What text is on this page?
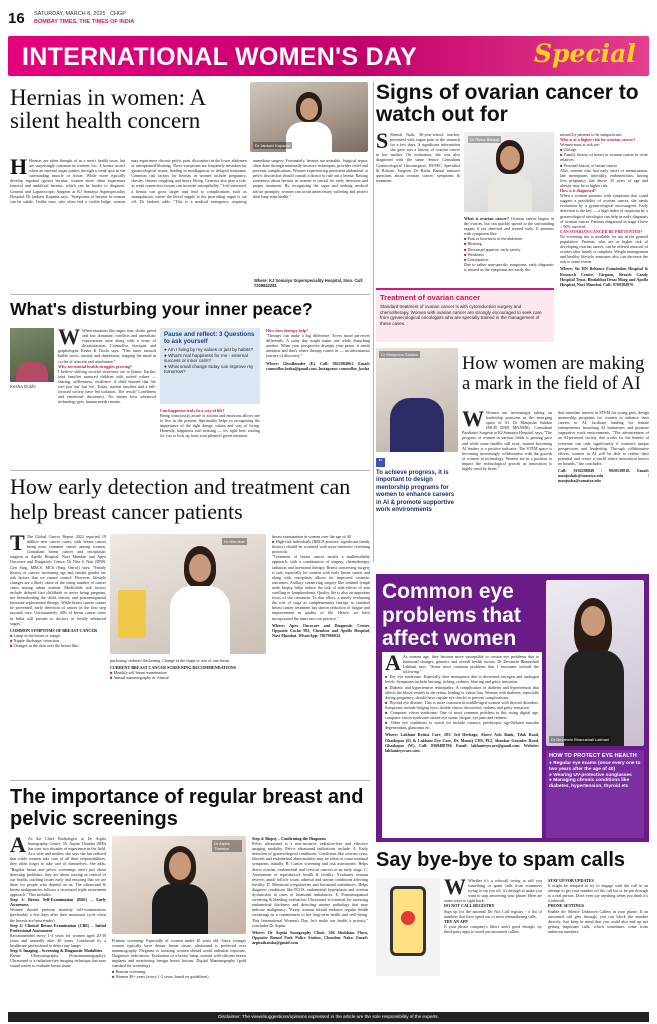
16 SATURDAY, MARCH 8, 2025 CHGP
BOMBAY TIMES, THE TIMES OF INDIA
INTERNATIONAL WOMEN'S DAY	Special
Hernias in women: A silent health concern
Dr Jankavi Kapadia
H Hernias are often thought of as a men's health issue, but are surprisingly common in women, too. A hernia occurs when an internal organ pushes through a weak spot in the surrounding muscle or tissue. While more typically develop inguinal (groin) hernias, women more often experience femoral and umbilical hernias, which can be harder to diagnose. General and Laparoscopic Surgeon at KJ Somaiya Superspeciality Hospital, Dr Janhavi Kapadia says, "Symptoms of hernias in women can be subtle. Unlike men, who often feel a visible bulge, women may experience chronic pelvic pain, discomfort in the lower abdomen or unexplained bloating. These symptoms are frequently mistaken for gynaecological issues, leading to misdiagnosis or delayed treatment. Common risk factors for hernias in women include pregnancy, obesity, chronic coughing and heavy lifting. Genetics also play a role, as weak connective tissues can increase susceptibility." Left untreated, a hernia can grow larger and lead to complications such as strangulation, where the blood supply to the protruding organ is cut off. Dr Janhavi adds, "This is a medical emergency requiring immediate surgery. Fortunately, hernias are treatable. Surgical repair, often done through minimally invasive techniques, provides relief and prevents complications. Women experiencing persistent abdominal or pelvic discomfort should consult a doctor to rule out a hernia. Raising awareness about hernias in women is crucial for early detection and proper treatment. By recognising the signs and seeking medical advice promptly, women can avoid unnecessary suffering and protect their long-term health."
Where: KJ Somaiya Superspeciality Hospital, Sion. Call: 7208842281
Signs of ovarian cancer to watch out for
S Sheetal Naik, 36-year-school teacher, presented with vague pain in the stomach for a few days. A significant information she gave was a history of ovarian cancer in her mother. On evaluation, she was also diagnosed with the same. Senior Consultant Gynaecological Oncosurgeon, HI-PEC Specialist & Robotic Surgeon Dr Richa Bansal answers questions about ovarian cancer, symptoms & treatment.
Dr Richa Bansal
What is ovarian cancer? Ovarian cancer begins in the ovaries, but can quickly spread to the surrounding organs if not detected and treated early. It presents with symptoms like:
■ Pain or heaviness in the abdomen
■ Bloating
■ Decreased appetite, early satiety
■ Weakness
■ Constipation
Due to rather non-specific symptoms, early diagnosis is missed as the symptoms are easily dis-
Treatment of ovarian cancer
Standard treatment of ovarian cancer is with cytoreduction surgery and chemotherapy. Women with ovarian cancer are strongly encouraged to seek care from gynaecological oncologists who are specially trained in the management of these cases.
missed by patients to be insignificant.
Who is at a higher risk for ovarian cancer?
Women most at risk are:
■ Old age
■ Family history of breast or ovarian cancer in close relatives
■ Personal history of breast cancer
Also, women who had early onset of menstruation, late menopause, infertility, endometriosis, having first pregnancy late above 35 years of age and obesity may be at higher risk.
How is it diagnosed?
When a woman presents with symptoms that could suggest a possibility of ovarian cancer, she needs evaluation by a gynaecological oncosurgeon. Early detection is the key — a high index of suspicion by a gynaecological oncologist can help in early diagnosis of ovarian cancer. Patients diagnosed in stage I have > 90% survival.
CAN OVARIAN CANCER BE PREVENTED?
No screening test is available for use in the general population. Patients, who are at higher risk of developing ovarian cancer, can be offered removal of ovaries after family is complete. Weight management and healthy lifestyle measures also can decrease the risk to some extent.
Where: Sir HN Reliance Foundation Hospital & Research Centre, Girgaon, Breach Candy Hospital Trust, Bhulabhai Desai Marg and Apollo Hospital, Navi Mumbai. Call: 9769384976
What's disturbing your inner peace?
Kesha Doshi
W When emotions like anger, fear, doubt, greed and low dominate, conflicts and unrealistic expectations arise along with a sense of dissatisfaction. Counsellor, therapist and graphologist Kesha K Doshi says, "This inner turmoil builds stress, anxiety and depression, trapping the mind in cycles of reaction and attachment."
Why are mental health struggles growing?
I believe shifting societal structures are to blame. Earlier, joint families nurtured children with rooted values — sharing, selflessness, resilience. A child learned that life isn't just 'me' but 'we'. Today, nuclear families and a self-focused society have led isolation. The result? Loneliness and emotional disconnect. No matter how advanced technology gets, human needs remain.
Pause and reflect: 3 Questions to ask yourself
● Am I living by my values or just by habits?
● What's real happiness for me - external success or inner calm?
● What small change today can improve my tomorrow?
Can happiness truly be a way of life?
Being consciously aware of actions and emotions allows one to live in the present. Spirituality helps in recognising the importance of the right things, values and way of living. Honestly, happiness isn't missing — it's right here waiting for you to look up from your phone/if given attention.
How does therapy help?
"Therapy can make a big difference. Every mind perceives differently. A rainy day might make one while disturbing another. When your perspective disrupts your peace, it needs attention and that's where therapy comes in — an adventurous journey of discovery."
Where: Ghodbunder (E). Call: 9821084061. Email: counsellor.kesha@gmail.com. Instagram: counsellor_kesha
How early detection and treatment can help breast cancer patients
T The Global Cancer Report 2022 reported 19 million new cancer cases, with breast cancer being most common cancer among women. Consultant breast cancer and oncoplastic surgeon at Apollo Hospital, Navi Mumbai and Apex Oncocare and Diagnostic Centre, Dr Nita S. Nair (DNB, Gen Surg, MRCS, MCh (Surg Onco)) says, "Family history of cancer, increasing age and female gender are risk factors that we cannot control. However, lifestyle changes are a likely cause of the rising number of cancer cases among urban women. Modifiable risk factors include delayed first childbirth or never being pregnant, not breastfeeding the child, obesity and postmenopausal hormone replacement therapy. While breast cancer cannot be prevented, early detection of cancer in the first step towards cure. Unfortunately, 40% of breast cancer cases in India still present to doctors in locally advanced stages."
COMMON SYMPTOMS OF BREAST CANCER
■ Lump in the breast or armpit
■ Nipple discharge/ retraction
■ Changes in the skin over the breast like,
Dr Nita Nair
puckering/ redness/ thickening. Change in the shape or size of one breast
CURRENT BREAST CANCER SCREENING RECOMMENDATIONS
■ Monthly self breast examination
■ Annual mammography or clinical
breast examination in women over the age of 40
■ High-risk individuals (BRCA positive, significant family history) should be screened with more intensive screening protocols
"Treatment of breast cancer entails a multimodality approach, with a combination of surgery, chemotherapy, radiation and hormonal therapy. Breast conserving surgery is safe, especially for women with early breast cancer and along with oncoplasty allows for improved cosmetic outcomes. Axillary conserving surgery like sentinel lymph node biopsy helps reduce the risk of side-effects of arm swelling or lymphoedema. Quality life is also an important focus of our treatment. To this effect, a timely evaluating the role of yoga as complementary therapy to standard breast cancer treatment has shown reduction of fatigue and improvement in quality of life. Hence, we have incorporated the same into our practice."
Where: Apex Oncocare and Diagnostic Center, Opposite Cocho 993, Chembur and Apollo Hospital, Navi Mumbai. WhatsApp: 7867966834
Dr Manjusha Salakar How women are making a mark in the field of AI
W Women are increasingly taking on leadership positions in the emerging space of AI. Dr Manjusha Salakar (MCH DNB MNAMS), Consultant Paediatric Surgeon at KJ Somaiya Hospital, says, "The progress of women in various fields is gaining pace and while some hurdles still exist, women becoming AI leaders is a positive indicator. The STEM space is becoming increasingly collaborative with the growth of women in technology. Women are in a position to impact the technological growth as innovation is highly rated by firms."
“
To achieve progress, it is important to design mentorship programs for women to enhance careers in AI & promote supportive work environments
that stimulate interest in STEM for young girls, design mentorship programs for women to enhance their careers in AI, facilitate funding for female entrepreneurs launching AI businesses and promote supportive work environments. "The advancement of an AI-powered society that works for the benefit of everyone can only significantly if women's unique perspectives and leadership. Through collaborative efforts, women in AI will be able to realise their potential and create a world where innovation knows no bounds," she concludes.
Call: 9102208849 / 9920538818. Email: manjushab@somaiya.edu / manjusha@somaiya.edu
Common eye problems that affect women
Dr Devanshi Bhanushali Lakhani
A As women age, they become more susceptible to certain eye problems due to hormonal changes, genetics and overall health factors. Dr Devanshi Bhanushali Lakhani says, "Some most common problems that I encounter include the following:"
■ Dry eye syndrome: Especially after menopause due to decreased estrogen and androgen levels. Symptoms include burning, itching, redness, blurring and gritty sensation.
■ Diabetic and hypertensive retinopathy: A complication of diabetes and hypertension that affects the blood vessels in the retina, leading to vision loss. Women with diabetes, especially during pregnancy, should have regular eye checks to prevent complications.
■ Thyroid eye disease: This is more common in middle-aged women with thyroid disorders. Symptoms include bulging eyes, double vision, discomfort, redness and gritty sensation.
■ Computer vision syndrome: One of most common problem in this rising digital age, computer vision syndrome causes eye strain, fatigue, eye pain and redness.
■ Other eye conditions to watch for include cataract, presbyopia, age-Related macular degeneration, glaucoma etc.
Where: Lakhani Retina Care, 201/ 3rd Heritage, Above Axis Bank, Tilak Road, Ghatkopar (E) & Lakhani Eye Care, Dr. Mansij CHS, Pl.2, Shankar Gurudev Road, Ghatkopar (W). Call: 8369488706. Email: lakhanieyecare@gmail.com. Website: lakhanieyecare.com
HOW TO PROTECT EYE HEALTH
● Regular eye exams (once every one to two years after the age of 40)
● Wearing UV-protective sunglasses
● Managing chronic conditions like diabetes, hypertension, thyroid etc
The importance of regular breast and pelvic screenings
A As the Chief Radiologist at Dr Arpita Sonography Centre, Dr Arpita Thamba (MD) has over two decades of experience in the field. As a wife and mother, she says she has realised that while women take care of all their responsibilities, they often forget to take care of themselves. She adds, "Regular breast and pelvic screenings aren't just about detecting problems, they are about staying in control of our health, catching issues early and ensuring that we are there for people who depend on us. The ultrasound & breast malignancies follows a structured triple assessment approach." This includes:
Step 1: Breast Self-Examination (BSE) – Early Awareness
Women should perform monthly self-examinations (preferably a few days after their menstrual cycle when the breasts are least tender)
Step 2: Clinical Breast Examination (CBE) – Initial Professional Assessment
Recommended every 1-3 years for women aged 20-39 years and annually after 40 years. Conducted by a healthcare professional to detect any lumps
Step 3: Imaging – Screening & Diagnostic Modalities
Breast Ultrasonography (Sonomammography): Ultrasound is a radiation-free imaging technique that uses sound waves to evaluate breast tissue
Dr Arpita Thamba
Primary screening: Especially of women under 40 years old. Since younger women typically have denser breast tissue, ultrasound is preferred over mammography. Pregnant or lactating women should avoid radiation exposure. Diagnostic indications: Evaluation of a breast lump, women with silicone breast implants and monitoring benign breast lesions. Digital Mammography (gold standard for screening)
■ Routine screening:
■ Women 40+ years (every 1-2 years, based on guidelines).
Step 4: Biopsy – Confirming the Diagnosis
Pelvic ultrasound is a non-invasive, radiation-free and effective imaging modality. Pelvic ultrasound indications include: A. Early detection of gynaecological conditions: Conditions like ovarian cysts, fibroids and endometrial abnormalities may be silent or cause minimal symptoms initially. B. Cancer screening and risk assessment: Helps detect ovarian, endometrial and cervical cancers at an early stage. C. Assessment of reproductive health & fertility: Evaluates ovarian reserve, antral follicle count, adnexal and uterine conditions affecting fertility. D. Menstrual irregularities and hormonal imbalances: Helps diagnose conditions like PCOS, endometrial hyperplasia and ovarian dysfunction in cases of hormonal imbalances. E. Postmenopausal screening & bleeding evaluation: Ultrasound is essential for assessing endometrial thickness and detecting uterine pathology that may indicate malignancy. "Every woman should embrace regular health screenings as a commitment to her long-term health and well-being. This International Women's Day, let's make our health a priority," concludes Dr Arpita.
Where: Dr Arpita Sonography Clinic, 304 Shubham Flora, Opposite Bound Park Police Station, Chembur Naka. Email: arpitathamba@gmail.com
Say bye-bye to spam calls
W Whether it's a robocall trying to sell you something or spam calls from scammers trying to rip you off, it's enough to make you want to stop answering your phone. Here are some ways to fight back.
DO NOT CALL REGISTRY
Sign up for the national Do Not Call registry - a list of numbers that have opted out of most telemarketing calls.
TRY AN APP
If your phone company's filters aren't good enough, try third-party apps to weed out unwanted callers.
STAY UP FOR UPDATES
It might be tempted to try to engage with the call in an attempt to get your number off the call list or be put through to a real person. Don't even say anything when you think it's a robocall.
PHONE SETTINGS
Enable the Silence Unknown Callers in your phone. If an unwanted call gets through, you can block the number directly. Just keep in mind that you could also end up not getting important calls, which sometimes come from unknown numbers.
Disclaimer: The views/suggestions/opinions expressed in the article are the sole responsibility of the experts.
